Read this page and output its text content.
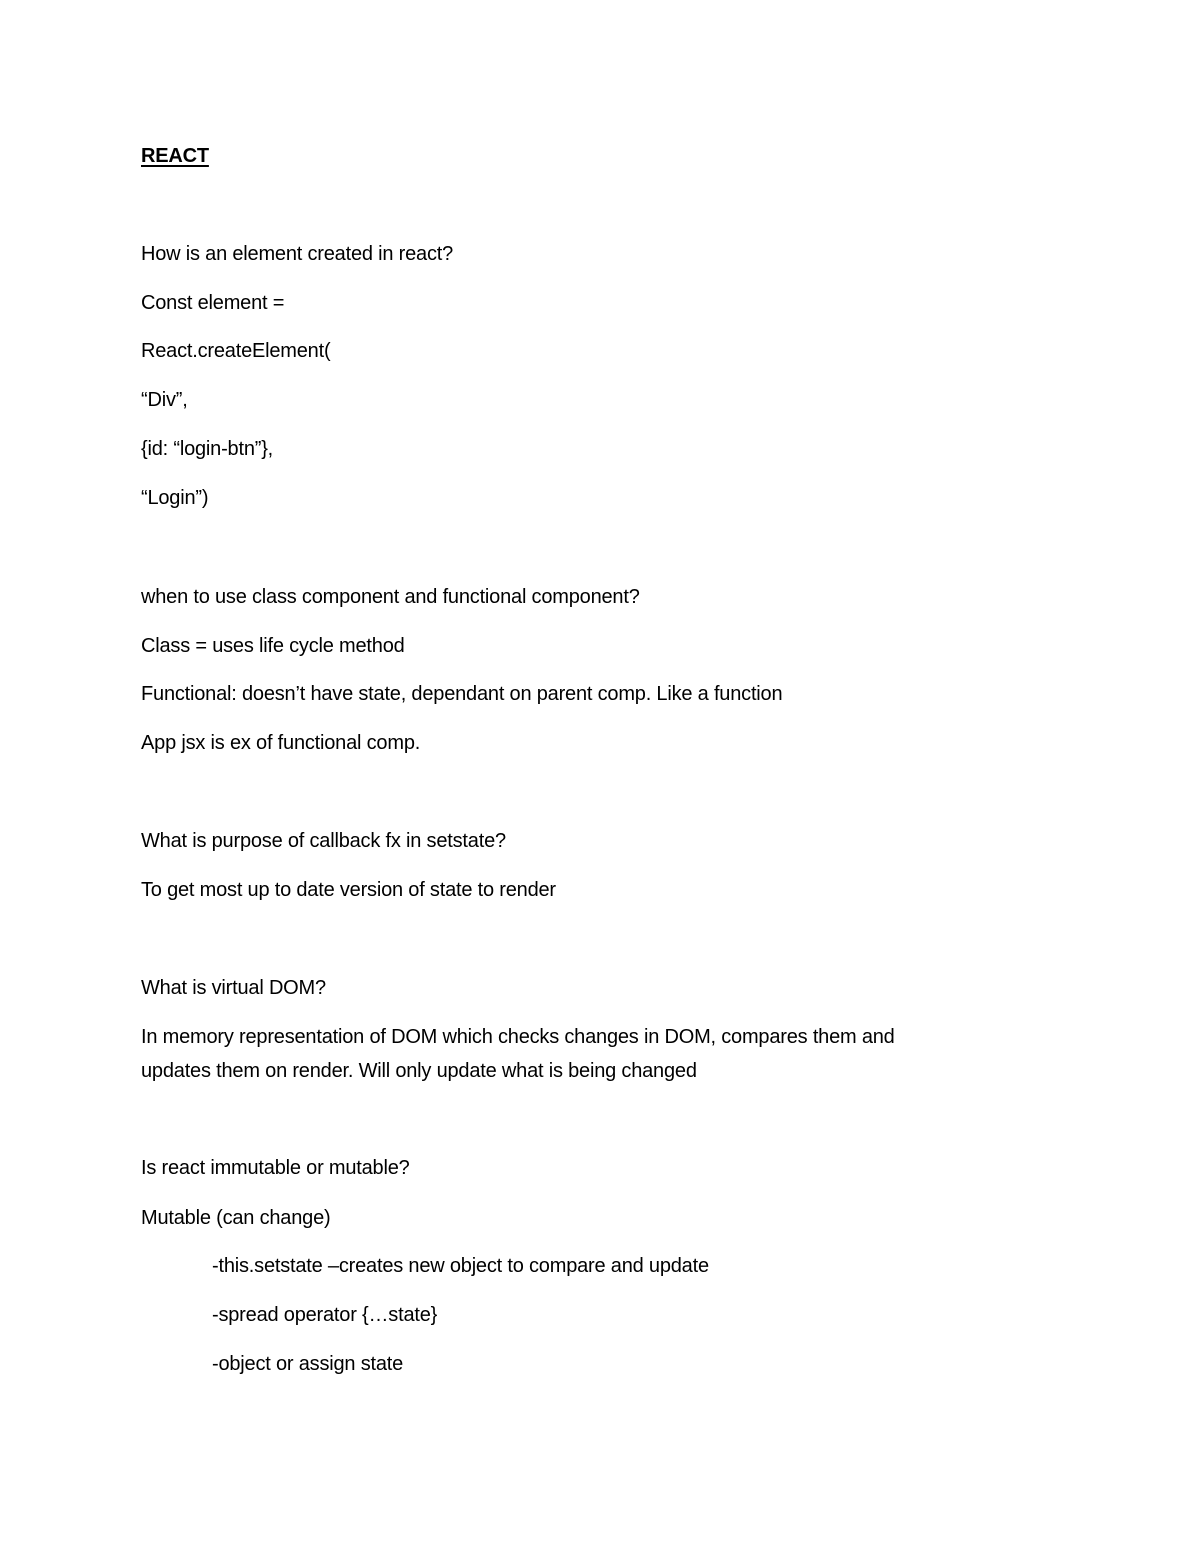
REACT
How is an element created in react?
Const element =
React.createElement(
“Div”,
{id: “login-btn”},
“Login”)
when to use class component and functional component?
Class = uses life cycle method
Functional: doesn’t have state, dependant on parent comp. Like a function
App jsx is ex of functional comp.
What is purpose of callback fx in setstate?
To get most up to date version of state to render
What is virtual DOM?
In memory representation of DOM which checks changes in DOM, compares them and
updates them on render. Will only update what is being changed
Is react immutable or mutable?
Mutable (can change)
-this.setstate –creates new object to compare and update
-spread operator {…state}
-object or assign state
